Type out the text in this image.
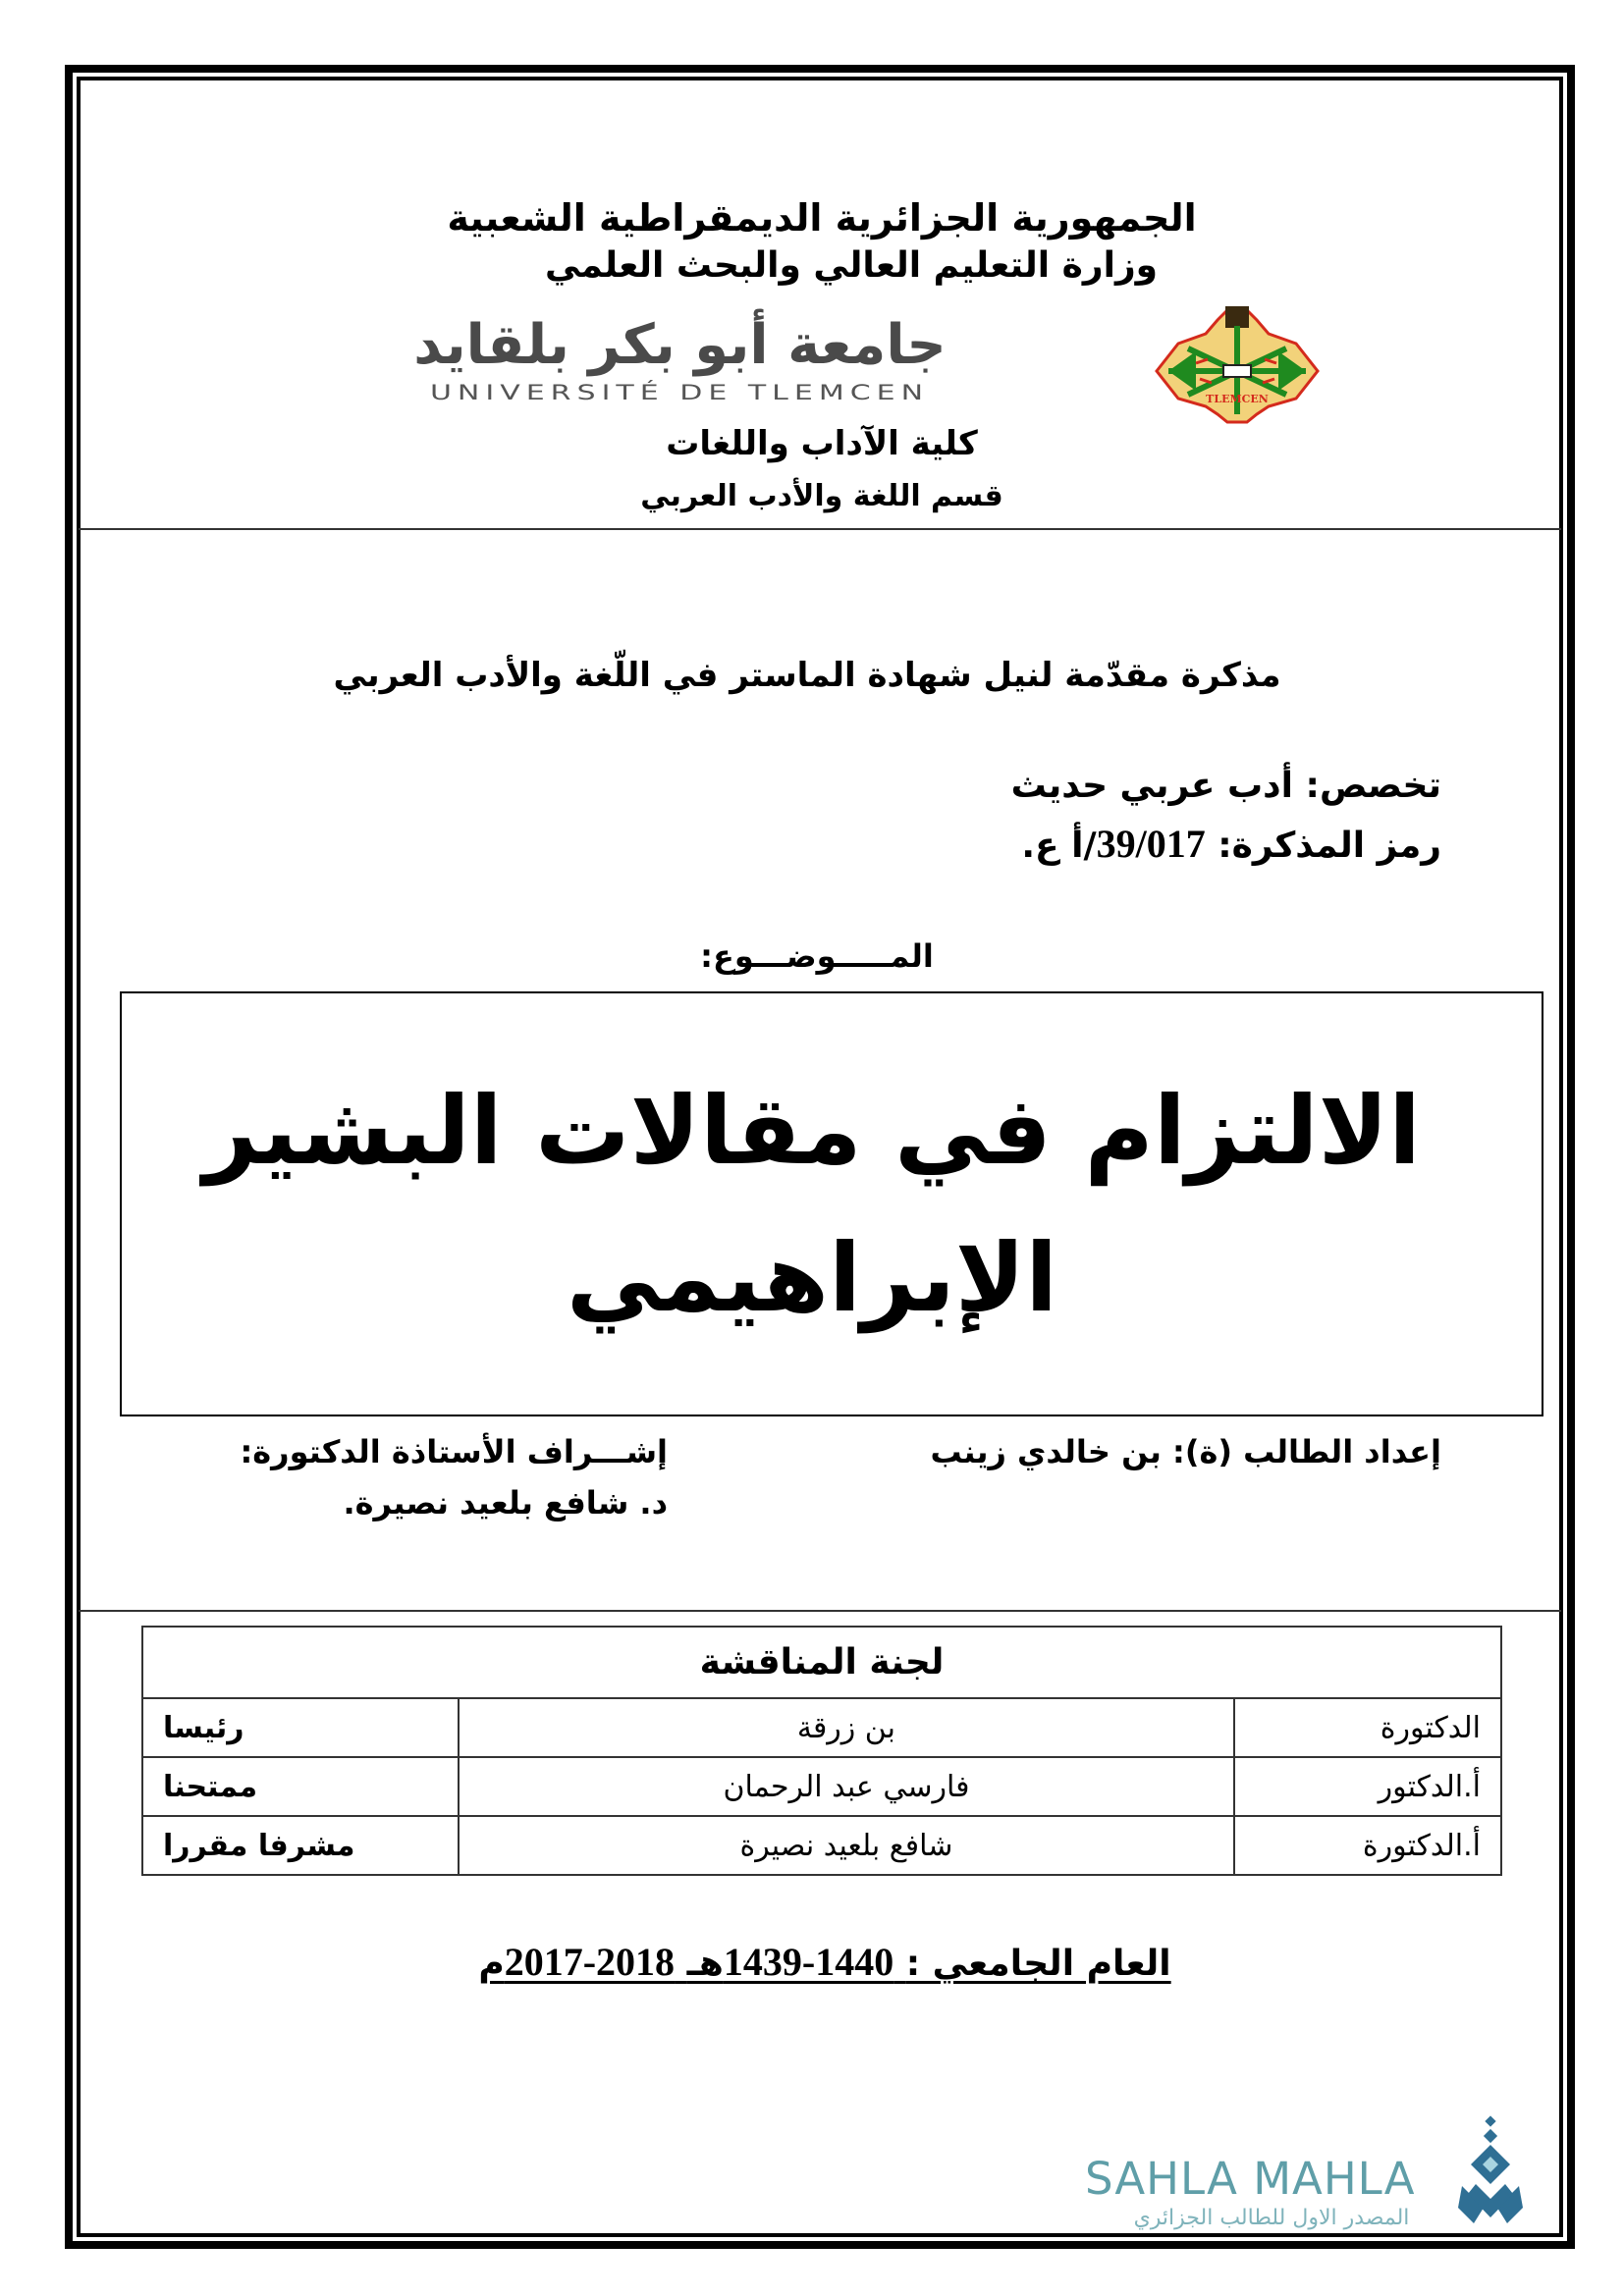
الجمهورية الجزائرية الديمقراطية الشعبية
وزارة التعليم العالي والبحث العلمي
جامعة أبو بكر بلقايد
UNIVERSITÉ DE TLEMCEN	TLEMCEN
كلية الآداب واللغات
قسم اللغة والأدب العربي
مذكرة مقدّمة لنيل شهادة الماستر في اللّغة والأدب العربي
تخصص: أدب عربي حديث
رمز المذكرة: 39/017/أ ع.
المـــــوضـــوع:
الالتزام في مقالات البشير
الإبراهيمي
إعداد الطالب (ة): بن خالدي زينب
إشـــراف الأستاذة الدكتورة:
د. شافع بلعيد نصيرة.
لجنة المناقشة		
الدكتورة	بن زرقة	رئيسا
أ.الدكتور	فارسي عبد الرحمان	ممتحنا
أ.الدكتورة	شافع بلعيد نصيرة	مشرفا مقررا
العام الجامعي : 1439-1440هـ 2017-2018م
SAHLA MAHLA
المصدر الاول للطالب الجزائري
